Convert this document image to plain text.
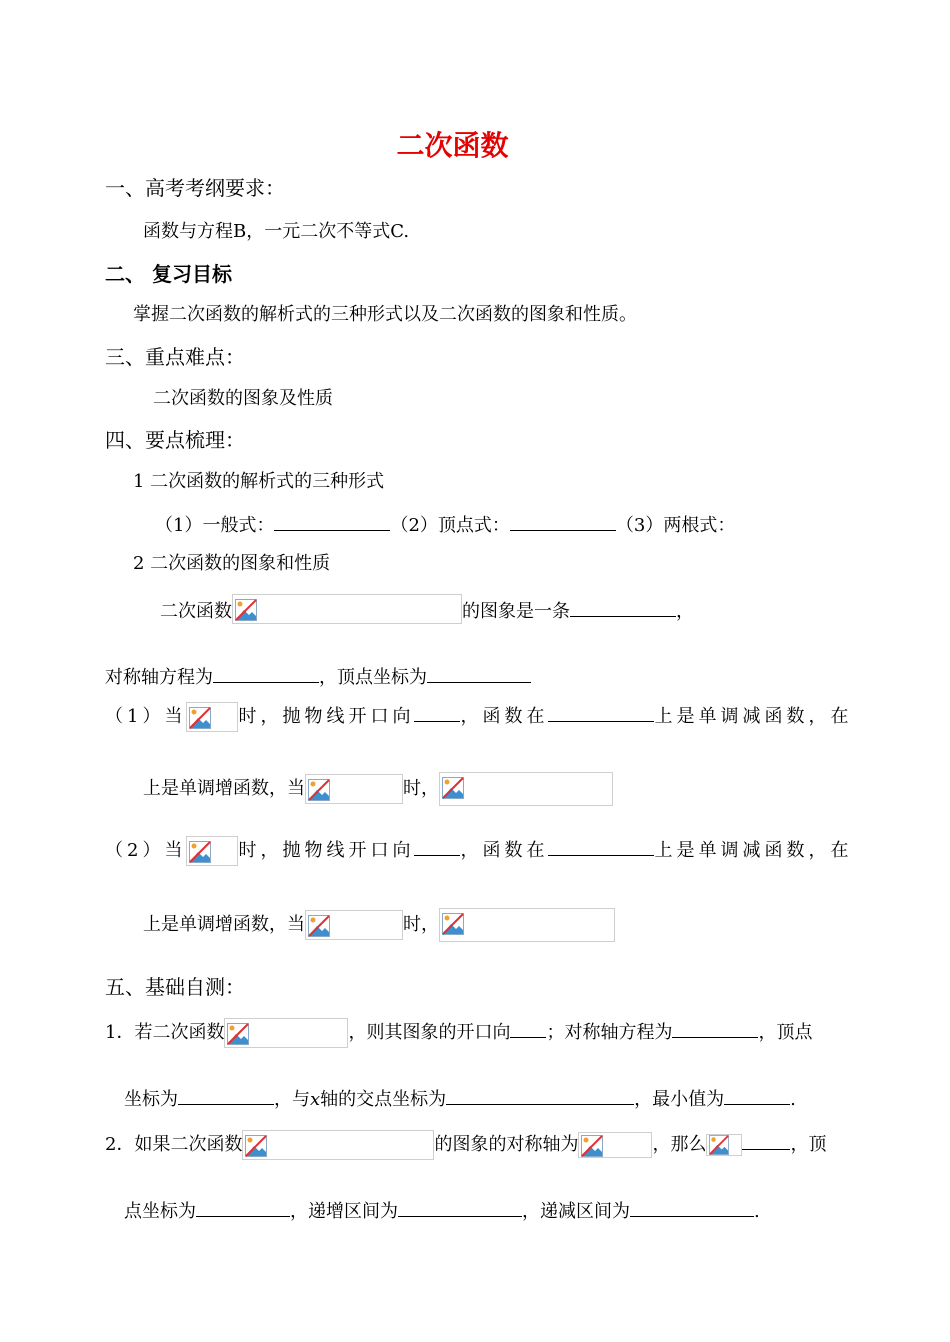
二次函数
一、高考考纲要求：
函数与方程B，一元二次不等式C.
二、 复习目标
掌握二次函数的解析式的三种形式以及二次函数的图象和性质。
三、重点难点：
二次函数的图象及性质
四、要点梳理：
1 二次函数的解析式的三种形式
（1）一般式：	（2）顶点式：	（3）两根式：
2 二次函数的图象和性质
二次函数	的图象是一条	，
对称轴方程为	，顶点坐标为
（1）当	时，抛物线开口向	，函数在	上是单调减函数，在
上是单调增函数，当	时，
（2）当	时，抛物线开口向	，函数在	上是单调减函数，在
上是单调增函数，当	时，
五、基础自测：
1．若二次函数	，则其图象的开口向 ；对称轴方程为	，顶点
坐标为	，与x轴的交点坐标为	，最小值为	.
2．如果二次函数	的图象的对称轴为	，那么	，顶
点坐标为	，递增区间为	，递减区间为	.
